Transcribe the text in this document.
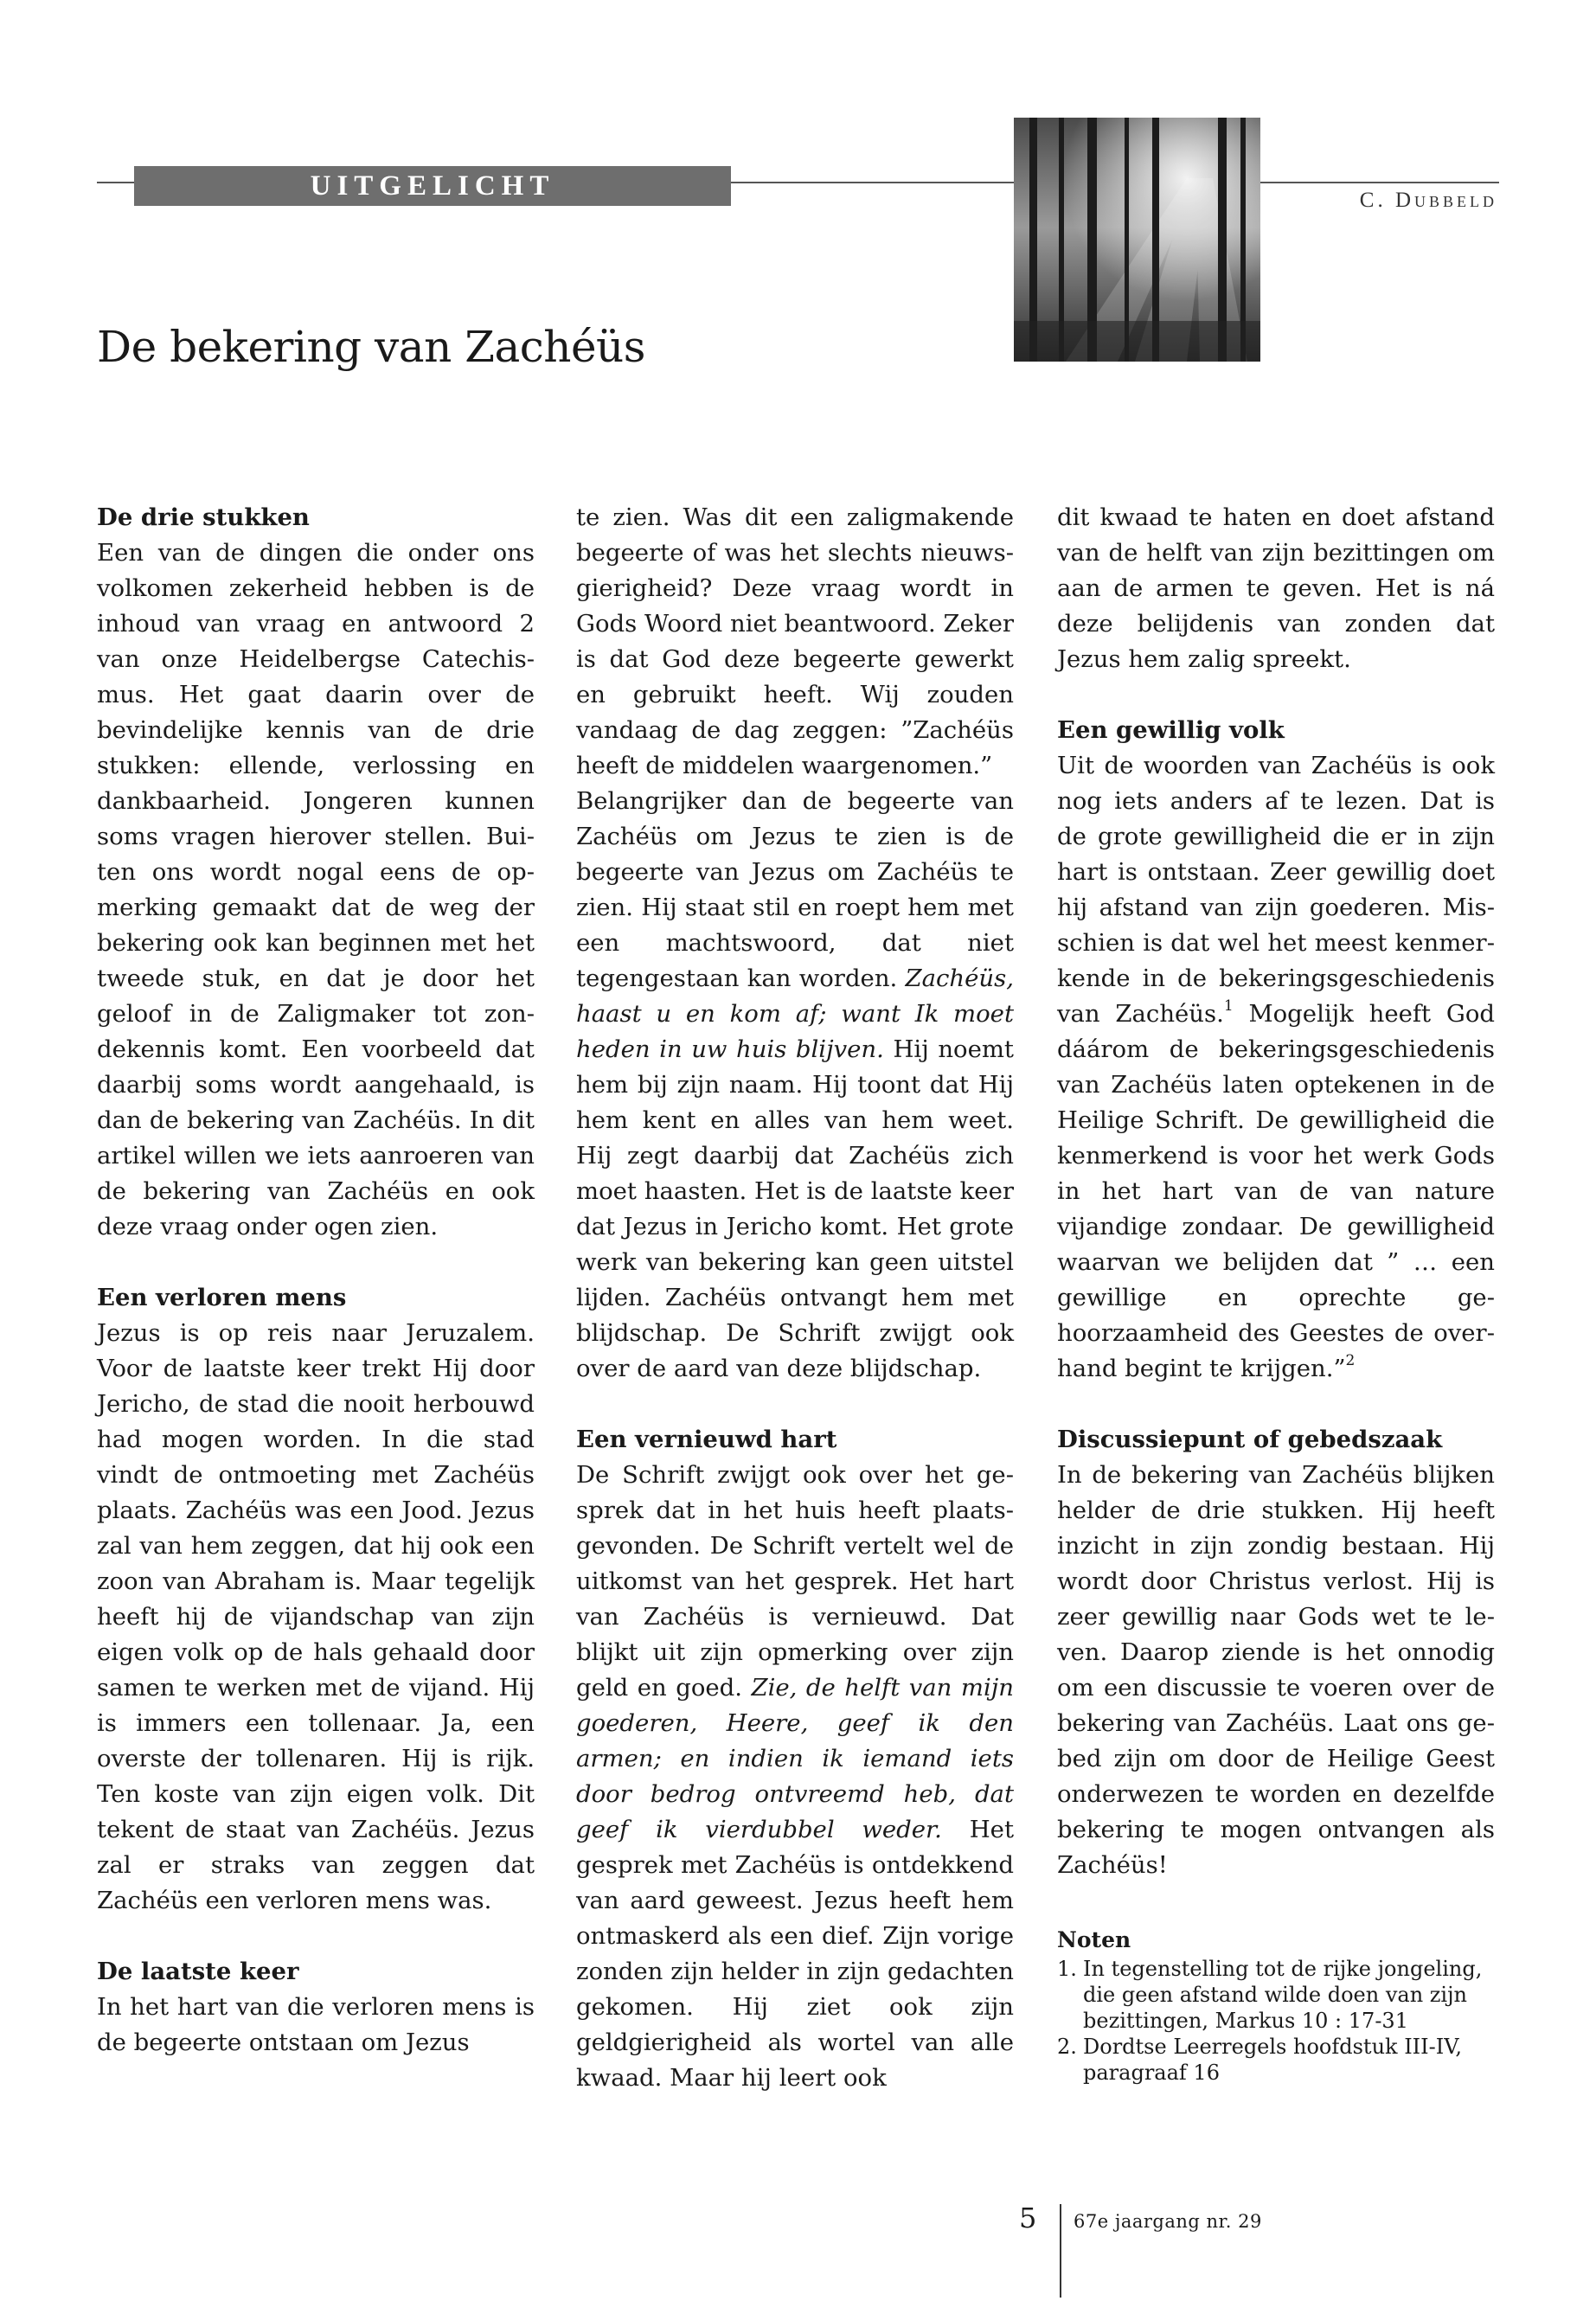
UITGELICHT	C. Dubbeld
De bekering van Zachéüs
De drie stukken

Een van de dingen die onder ons volkomen zekerheid hebben is de inhoud van vraag en antwoord 2 van onze Heidelbergse Catechismus. Het gaat daarin over de bevindelijke kennis van de drie stukken: ellende, verlossing en dankbaarheid. Jongeren kunnen soms vragen hierover stellen. Buiten ons wordt nogal eens de opmerking gemaakt dat de weg der bekering ook kan beginnen met het tweede stuk, en dat je door het geloof in de Zaligmaker tot zondekennis komt. Een voorbeeld dat daarbij soms wordt aangehaald, is dan de bekering van Zachéüs. In dit artikel willen we iets aanroeren van de bekering van Zachéüs en ook deze vraag onder ogen zien.

Een verloren mens

Jezus is op reis naar Jeruzalem. Voor de laatste keer trekt Hij door Jericho, de stad die nooit herbouwd had mogen worden. In die stad vindt de ontmoeting met Zachéüs plaats. Zachéüs was een Jood. Jezus zal van hem zeggen, dat hij ook een zoon van Abraham is. Maar tegelijk heeft hij de vijandschap van zijn eigen volk op de hals gehaald door samen te werken met de vijand. Hij is immers een tollenaar. Ja, een overste der tollenaren. Hij is rijk. Ten koste van zijn eigen volk. Dit tekent de staat van Zachéüs. Jezus zal er straks van zeggen dat Zachéüs een verloren mens was.

De laatste keer

In het hart van die verloren mens is de begeerte ontstaan om Jezus

te zien. Was dit een zaligmakende begeerte of was het slechts nieuwsgierigheid? Deze vraag wordt in Gods Woord niet beantwoord. Zeker is dat God deze begeerte gewerkt en gebruikt heeft. Wij zouden vandaag de dag zeggen: ”Zachéüs heeft de middelen waargenomen.”

Belangrijker dan de begeerte van Zachéüs om Jezus te zien is de begeerte van Jezus om Zachéüs te zien. Hij staat stil en roept hem met een machtswoord, dat niet tegengestaan kan worden. Zachéüs, haast u en kom af; want Ik moet heden in uw huis blijven. Hij noemt hem bij zijn naam. Hij toont dat Hij hem kent en alles van hem weet. Hij zegt daarbij dat Zachéüs zich moet haasten. Het is de laatste keer dat Jezus in Jericho komt. Het grote werk van bekering kan geen uitstel lijden. Zachéüs ontvangt hem met blijdschap. De Schrift zwijgt ook over de aard van deze blijdschap.

Een vernieuwd hart

De Schrift zwijgt ook over het gesprek dat in het huis heeft plaatsgevonden. De Schrift vertelt wel de uitkomst van het gesprek. Het hart van Zachéüs is vernieuwd. Dat blijkt uit zijn opmerking over zijn geld en goed. Zie, de helft van mijn goederen, Heere, geef ik den armen; en indien ik iemand iets door bedrog ontvreemd heb, dat geef ik vierdubbel weder. Het gesprek met Zachéüs is ontdekkend van aard geweest. Jezus heeft hem ontmaskerd als een dief. Zijn vorige zonden zijn helder in zijn gedachten gekomen. Hij ziet ook zijn geldgierigheid als wortel van alle kwaad. Maar hij leert ook

dit kwaad te haten en doet afstand van de helft van zijn bezittingen om aan de armen te geven. Het is ná deze belijdenis van zonden dat Jezus hem zalig spreekt.

Een gewillig volk

Uit de woorden van Zachéüs is ook nog iets anders af te lezen. Dat is de grote gewilligheid die er in zijn hart is ontstaan. Zeer gewillig doet hij afstand van zijn goederen. Misschien is dat wel het meest kenmerkende in de bekeringsgeschiedenis van Zachéüs.$^1$ Mogelijk heeft God dáárom de bekeringsgeschiedenis van Zachéüs laten optekenen in de Heilige Schrift. De gewilligheid die kenmerkend is voor het werk Gods in het hart van de van nature vijandige zondaar. De gewilligheid waarvan we belijden dat ” … een gewillige en oprechte gehoorzaamheid des Geestes de overhand begint te krijgen.”$^2$

Discussiepunt of gebedszaak

In de bekering van Zachéüs blijken helder de drie stukken. Hij heeft inzicht in zijn zondig bestaan. Hij wordt door Christus verlost. Hij is zeer gewillig naar Gods wet te leven. Daarop ziende is het onnodig om een discussie te voeren over de bekering van Zachéüs. Laat ons gebed zijn om door de Heilige Geest onderwezen te worden en dezelfde bekering te mogen ontvangen als Zachéüs!

Noten
1. In tegenstelling tot de rijke jongeling, die geen afstand wilde doen van zijn bezittingen, Markus 10 : 17-31
2. Dordtse Leerregels hoofdstuk III-IV, paragraaf 16
5 67e jaargang nr. 29
